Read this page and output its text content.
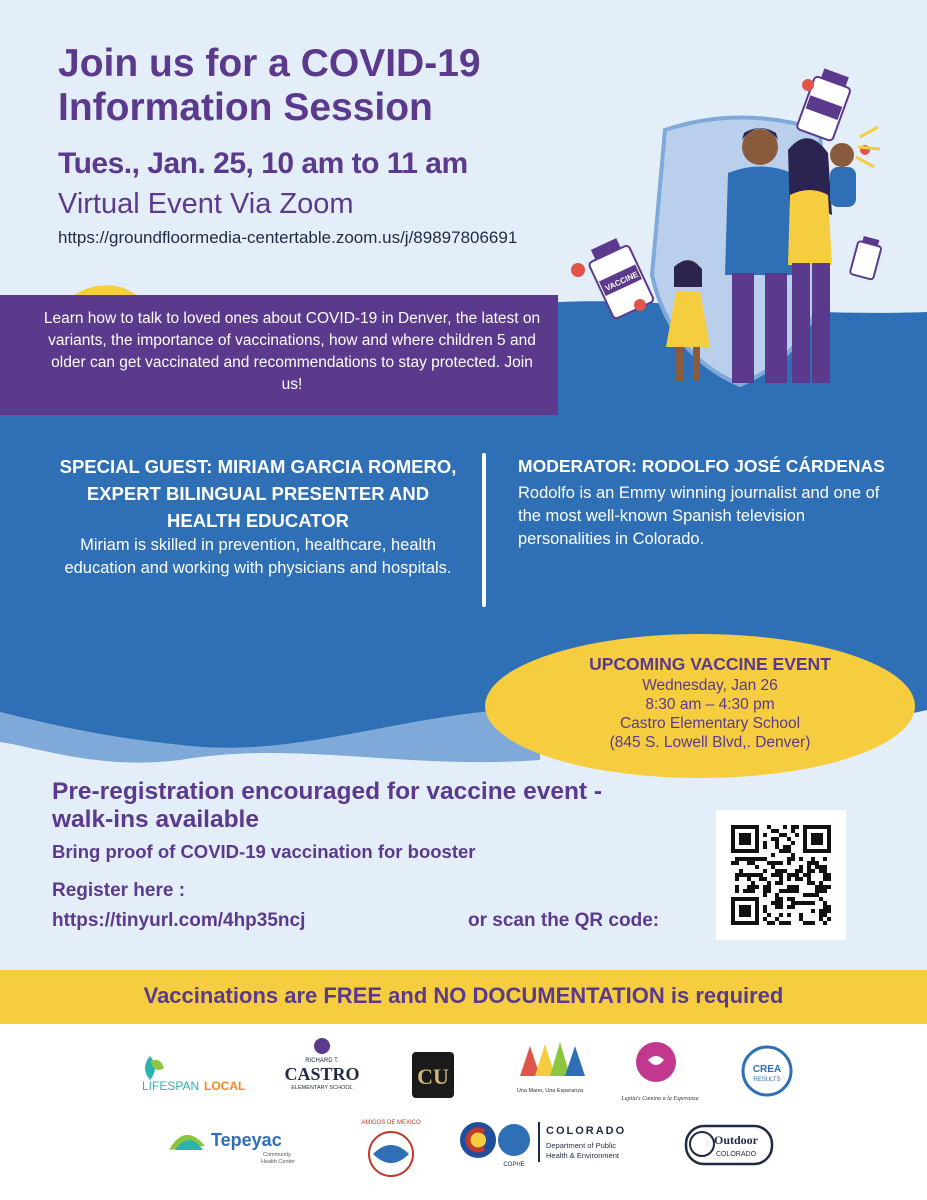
VACCINE
Join us for a COVID-19
Information Session
Tues., Jan. 25, 10 am to 11 am
Virtual Event Via Zoom
https://groundfloormedia-centertable.zoom.us/j/89897806691

Learn how to talk to loved ones about COVID-19 in Denver, the latest on variants, the importance of vaccinations, how and where children 5 and older can get vaccinated and recommendations to stay protected. Join us!

SPECIAL GUEST: MIRIAM GARCIA ROMERO, EXPERT BILINGUAL PRESENTER AND HEALTH EDUCATOR
Miriam is skilled in prevention, healthcare, health education and working with physicians and hospitals.
MODERATOR: RODOLFO JOSÉ CÁRDENAS
Rodolfo is an Emmy winning journalist and one of the most well-known Spanish television personalities in Colorado.
UPCOMING VACCINE EVENT
Wednesday, Jan 26
8:30 am – 4:30 pm
Castro Elementary School
(845 S. Lowell Blvd,. Denver)
Pre-registration encouraged for vaccine event - walk-ins available
Bring proof of COVID-19 vaccination for booster
Register here :
https://tinyurl.com/4hp35ncj	or scan the QR code:
Vaccinations are FREE and NO DOCUMENTATION is required
LIFESPAN LOCAL
RICHARD T.
CASTRO
ELEMENTARY SCHOOL	CU
Una Mano, Una Esperanza
Lupita's Camino a la Esperanza
CREA
RESULTS
Tepeyac
Community
Health Center
AMIGOS DE MEXICO
COPHE
COLORADO
Department of Public
Health & Environment
Outdoor
COLORADO
